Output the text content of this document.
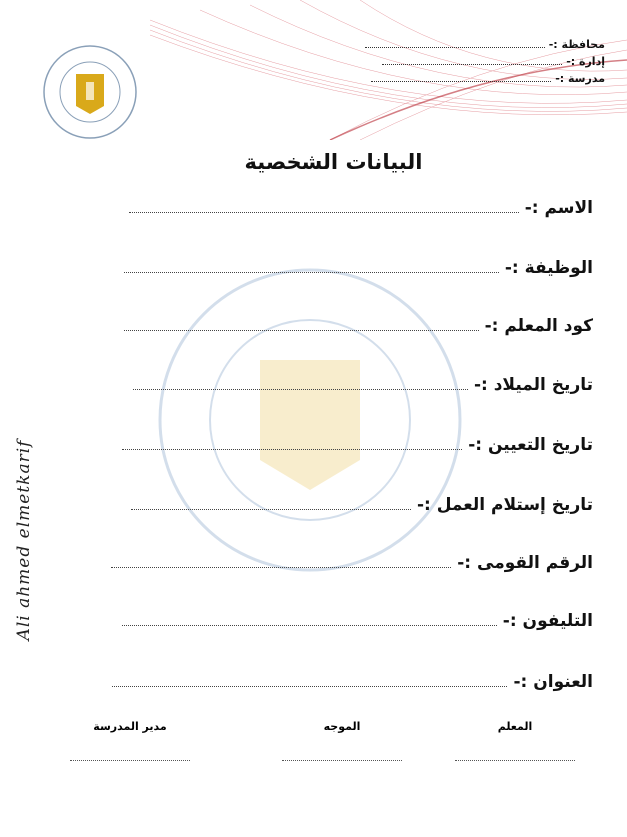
محافظة :-
إدارة :-
مدرسة :-
البيانات الشخصية
الاسم :-
الوظيفة :-
كود المعلم :-
تاريخ الميلاد :-
تاريخ التعيين :-
تاريخ إستلام العمل :-
الرقم القومى :-
التليفون :-
العنوان :-
المعلم
الموجه
مدير المدرسة
Ali ahmed elmetkarif
